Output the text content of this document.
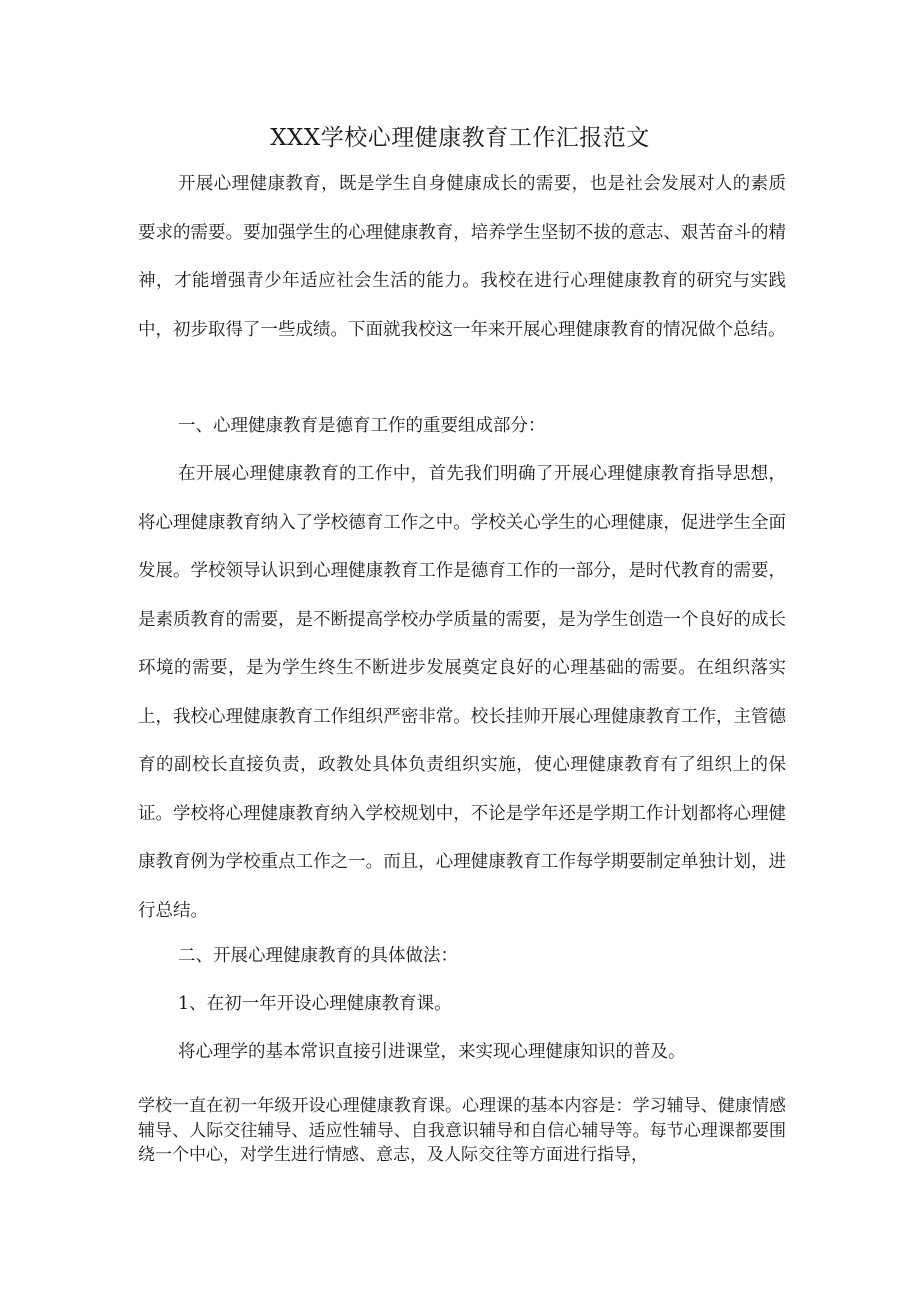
XXX学校心理健康教育工作汇报范文

开展心理健康教育，既是学生自身健康成长的需要，也是社会发展对人的素质要求的需要。要加强学生的心理健康教育，培养学生坚韧不拔的意志、艰苦奋斗的精神，才能增强青少年适应社会生活的能力。我校在进行心理健康教育的研究与实践中，初步取得了一些成绩。下面就我校这一年来开展心理健康教育的情况做个总结。

一、心理健康教育是德育工作的重要组成部分：

在开展心理健康教育的工作中，首先我们明确了开展心理健康教育指导思想，将心理健康教育纳入了学校德育工作之中。学校关心学生的心理健康，促进学生全面发展。学校领导认识到心理健康教育工作是德育工作的一部分，是时代教育的需要，是素质教育的需要，是不断提高学校办学质量的需要，是为学生创造一个良好的成长环境的需要，是为学生终生不断进步发展奠定良好的心理基础的需要。在组织落实上，我校心理健康教育工作组织严密非常。校长挂帅开展心理健康教育工作，主管德育的副校长直接负责，政教处具体负责组织实施，使心理健康教育有了组织上的保证。学校将心理健康教育纳入学校规划中，不论是学年还是学期工作计划都将心理健康教育例为学校重点工作之一。而且，心理健康教育工作每学期要制定单独计划，进行总结。

二、开展心理健康教育的具体做法：

1、在初一年开设心理健康教育课。

将心理学的基本常识直接引进课堂，来实现心理健康知识的普及。

学校一直在初一年级开设心理健康教育课。心理课的基本内容是：学习辅导、健康情感辅导、人际交往辅导、适应性辅导、自我意识辅导和自信心辅导等。每节心理课都要围绕一个中心，对学生进行情感、意志，及人际交往等方面进行指导，
